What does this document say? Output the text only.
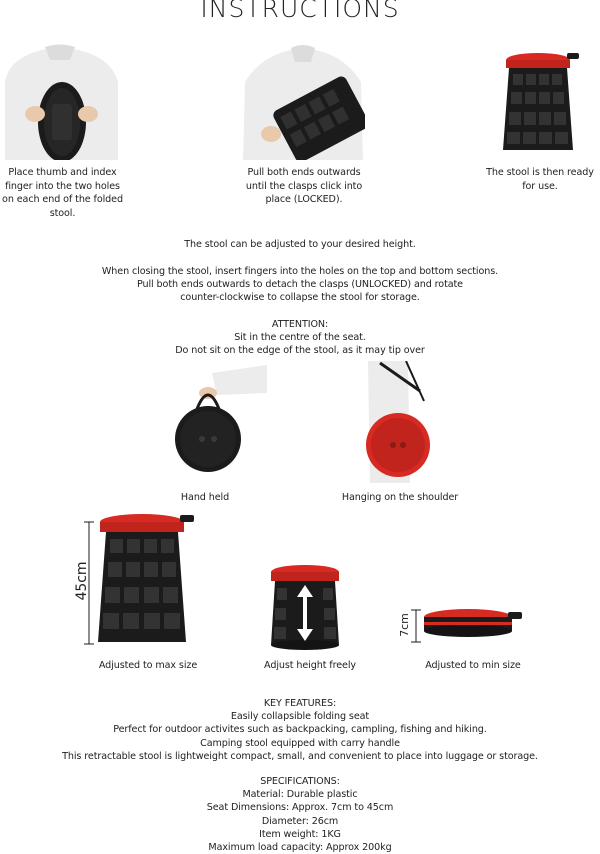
INSTRUCTIONS
Place thumb and index finger into the two holes on each end of the folded stool.
Pull both ends outwards until the clasps click into place (LOCKED).
The stool is then ready for use.
The stool can be adjusted to your desired height.
When closing the stool, insert fingers into the holes on the top and bottom sections.
Pull both ends outwards to detach the clasps (UNLOCKED) and rotate
counter-clockwise to collapse the stool for storage.
ATTENTION:
Sit in the centre of the seat.
Do not sit on the edge of the stool, as it may tip over
Hand held	Hanging on the shoulder
45cm
Adjusted to max size	Adjust height freely
7cm
Adjusted to min size
KEY FEATURES:
Easily collapsible folding seat
Perfect for outdoor activites such as backpacking, campling, fishing and hiking.
Camping stool equipped with carry handle
This retractable stool is lightweight compact, small, and convenient to place into luggage or storage.
SPECIFICATIONS:
Material: Durable plastic
Seat Dimensions: Approx. 7cm to 45cm
Diameter: 26cm
Item weight: 1KG
Maximum load capacity: Approx 200kg
